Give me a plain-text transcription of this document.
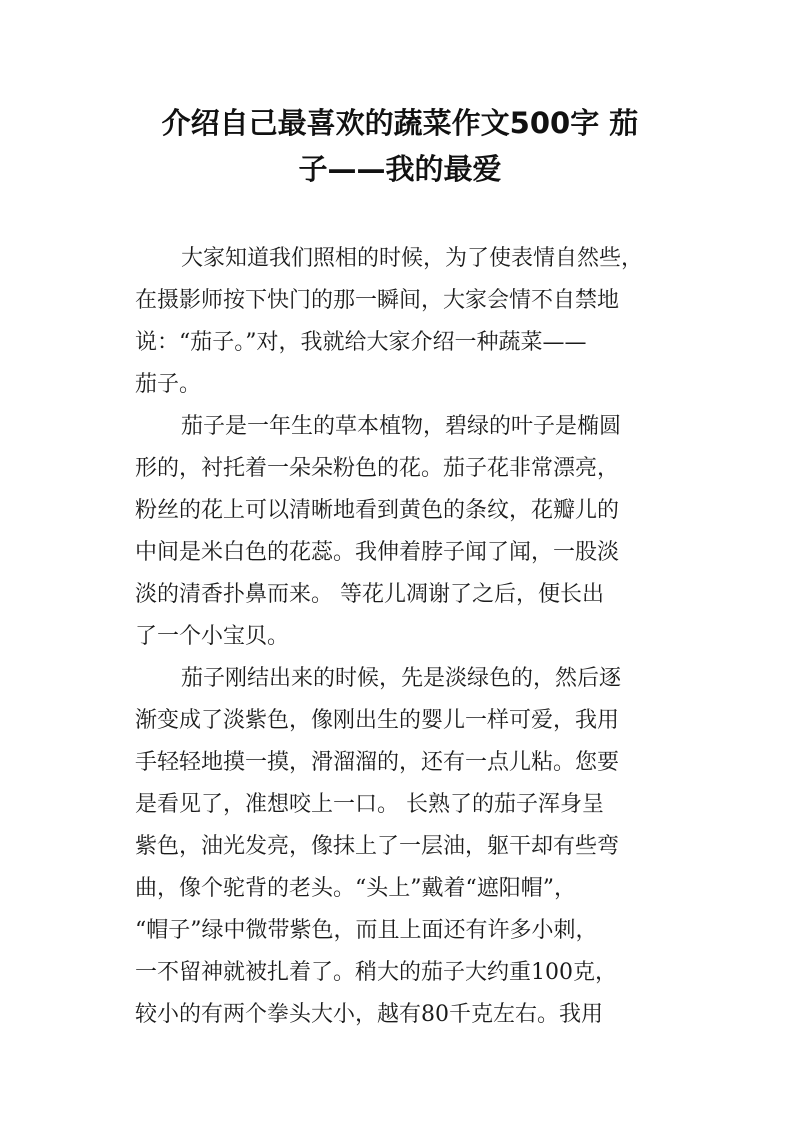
介绍自己最喜欢的蔬菜作文500字 茄
子——我的最爱
大家知道我们照相的时候，为了使表情自然些，
在摄影师按下快门的那一瞬间，大家会情不自禁地
说：“茄子。”对，我就给大家介绍一种蔬菜——
茄子。
茄子是一年生的草本植物，碧绿的叶子是椭圆
形的，衬托着一朵朵粉色的花。茄子花非常漂亮，
粉丝的花上可以清晰地看到黄色的条纹，花瓣儿的
中间是米白色的花蕊。我伸着脖子闻了闻，一股淡
淡的清香扑鼻而来。 等花儿凋谢了之后，便长出
了一个小宝贝。
茄子刚结出来的时候，先是淡绿色的，然后逐
渐变成了淡紫色，像刚出生的婴儿一样可爱，我用
手轻轻地摸一摸，滑溜溜的，还有一点儿粘。您要
是看见了，准想咬上一口。 长熟了的茄子浑身呈
紫色，油光发亮，像抹上了一层油，躯干却有些弯
曲，像个驼背的老头。“头上”戴着“遮阳帽”，
“帽子”绿中微带紫色，而且上面还有许多小刺，
一不留神就被扎着了。稍大的茄子大约重100克，
较小的有两个拳头大小，越有80千克左右。我用
